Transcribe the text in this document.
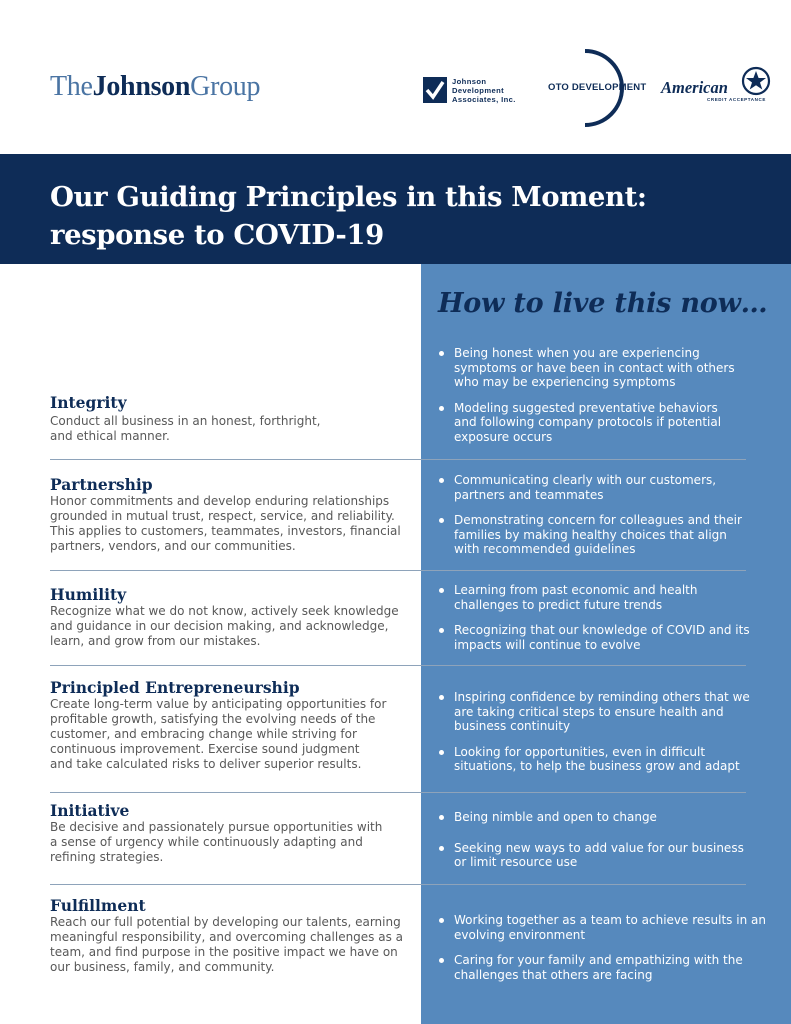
TheJohnsonGroup	Johnson
Development
Associates, Inc.
OTO DEVELOPMENT American
CREDIT ACCEPTANCE
Our Guiding Principles in this Moment:
response to COVID-19
How to live this now…
Being honest when you are experiencing
symptoms or have been in contact with others
who may be experiencing symptoms
Modeling suggested preventative behaviors
and following company protocols if potential
exposure occurs
Integrity
Conduct all business in an honest, forthright,
and ethical manner.
Partnership
Honor commitments and develop enduring relationships
grounded in mutual trust, respect, service, and reliability.
This applies to customers, teammates, investors, financial
partners, vendors, and our communities.
Communicating clearly with our customers,
partners and teammates
Demonstrating concern for colleagues and their
families by making healthy choices that align
with recommended guidelines
Humility
Recognize what we do not know, actively seek knowledge
and guidance in our decision making, and acknowledge,
learn, and grow from our mistakes.
Learning from past economic and health
challenges to predict future trends
Recognizing that our knowledge of COVID and its
impacts will continue to evolve
Principled Entrepreneurship
Create long-term value by anticipating opportunities for
profitable growth, satisfying the evolving needs of the
customer, and embracing change while striving for
continuous improvement. Exercise sound judgment
and take calculated risks to deliver superior results.
Inspiring confidence by reminding others that we
are taking critical steps to ensure health and
business continuity
Looking for opportunities, even in difficult
situations, to help the business grow and adapt
Initiative
Be decisive and passionately pursue opportunities with
a sense of urgency while continuously adapting and
refining strategies.
Being nimble and open to change
Seeking new ways to add value for our business
or limit resource use
Fulfillment
Reach our full potential by developing our talents, earning
meaningful responsibility, and overcoming challenges as a
team, and find purpose in the positive impact we have on
our business, family, and community.
Working together as a team to achieve results in an
evolving environment
Caring for your family and empathizing with the
challenges that others are facing
